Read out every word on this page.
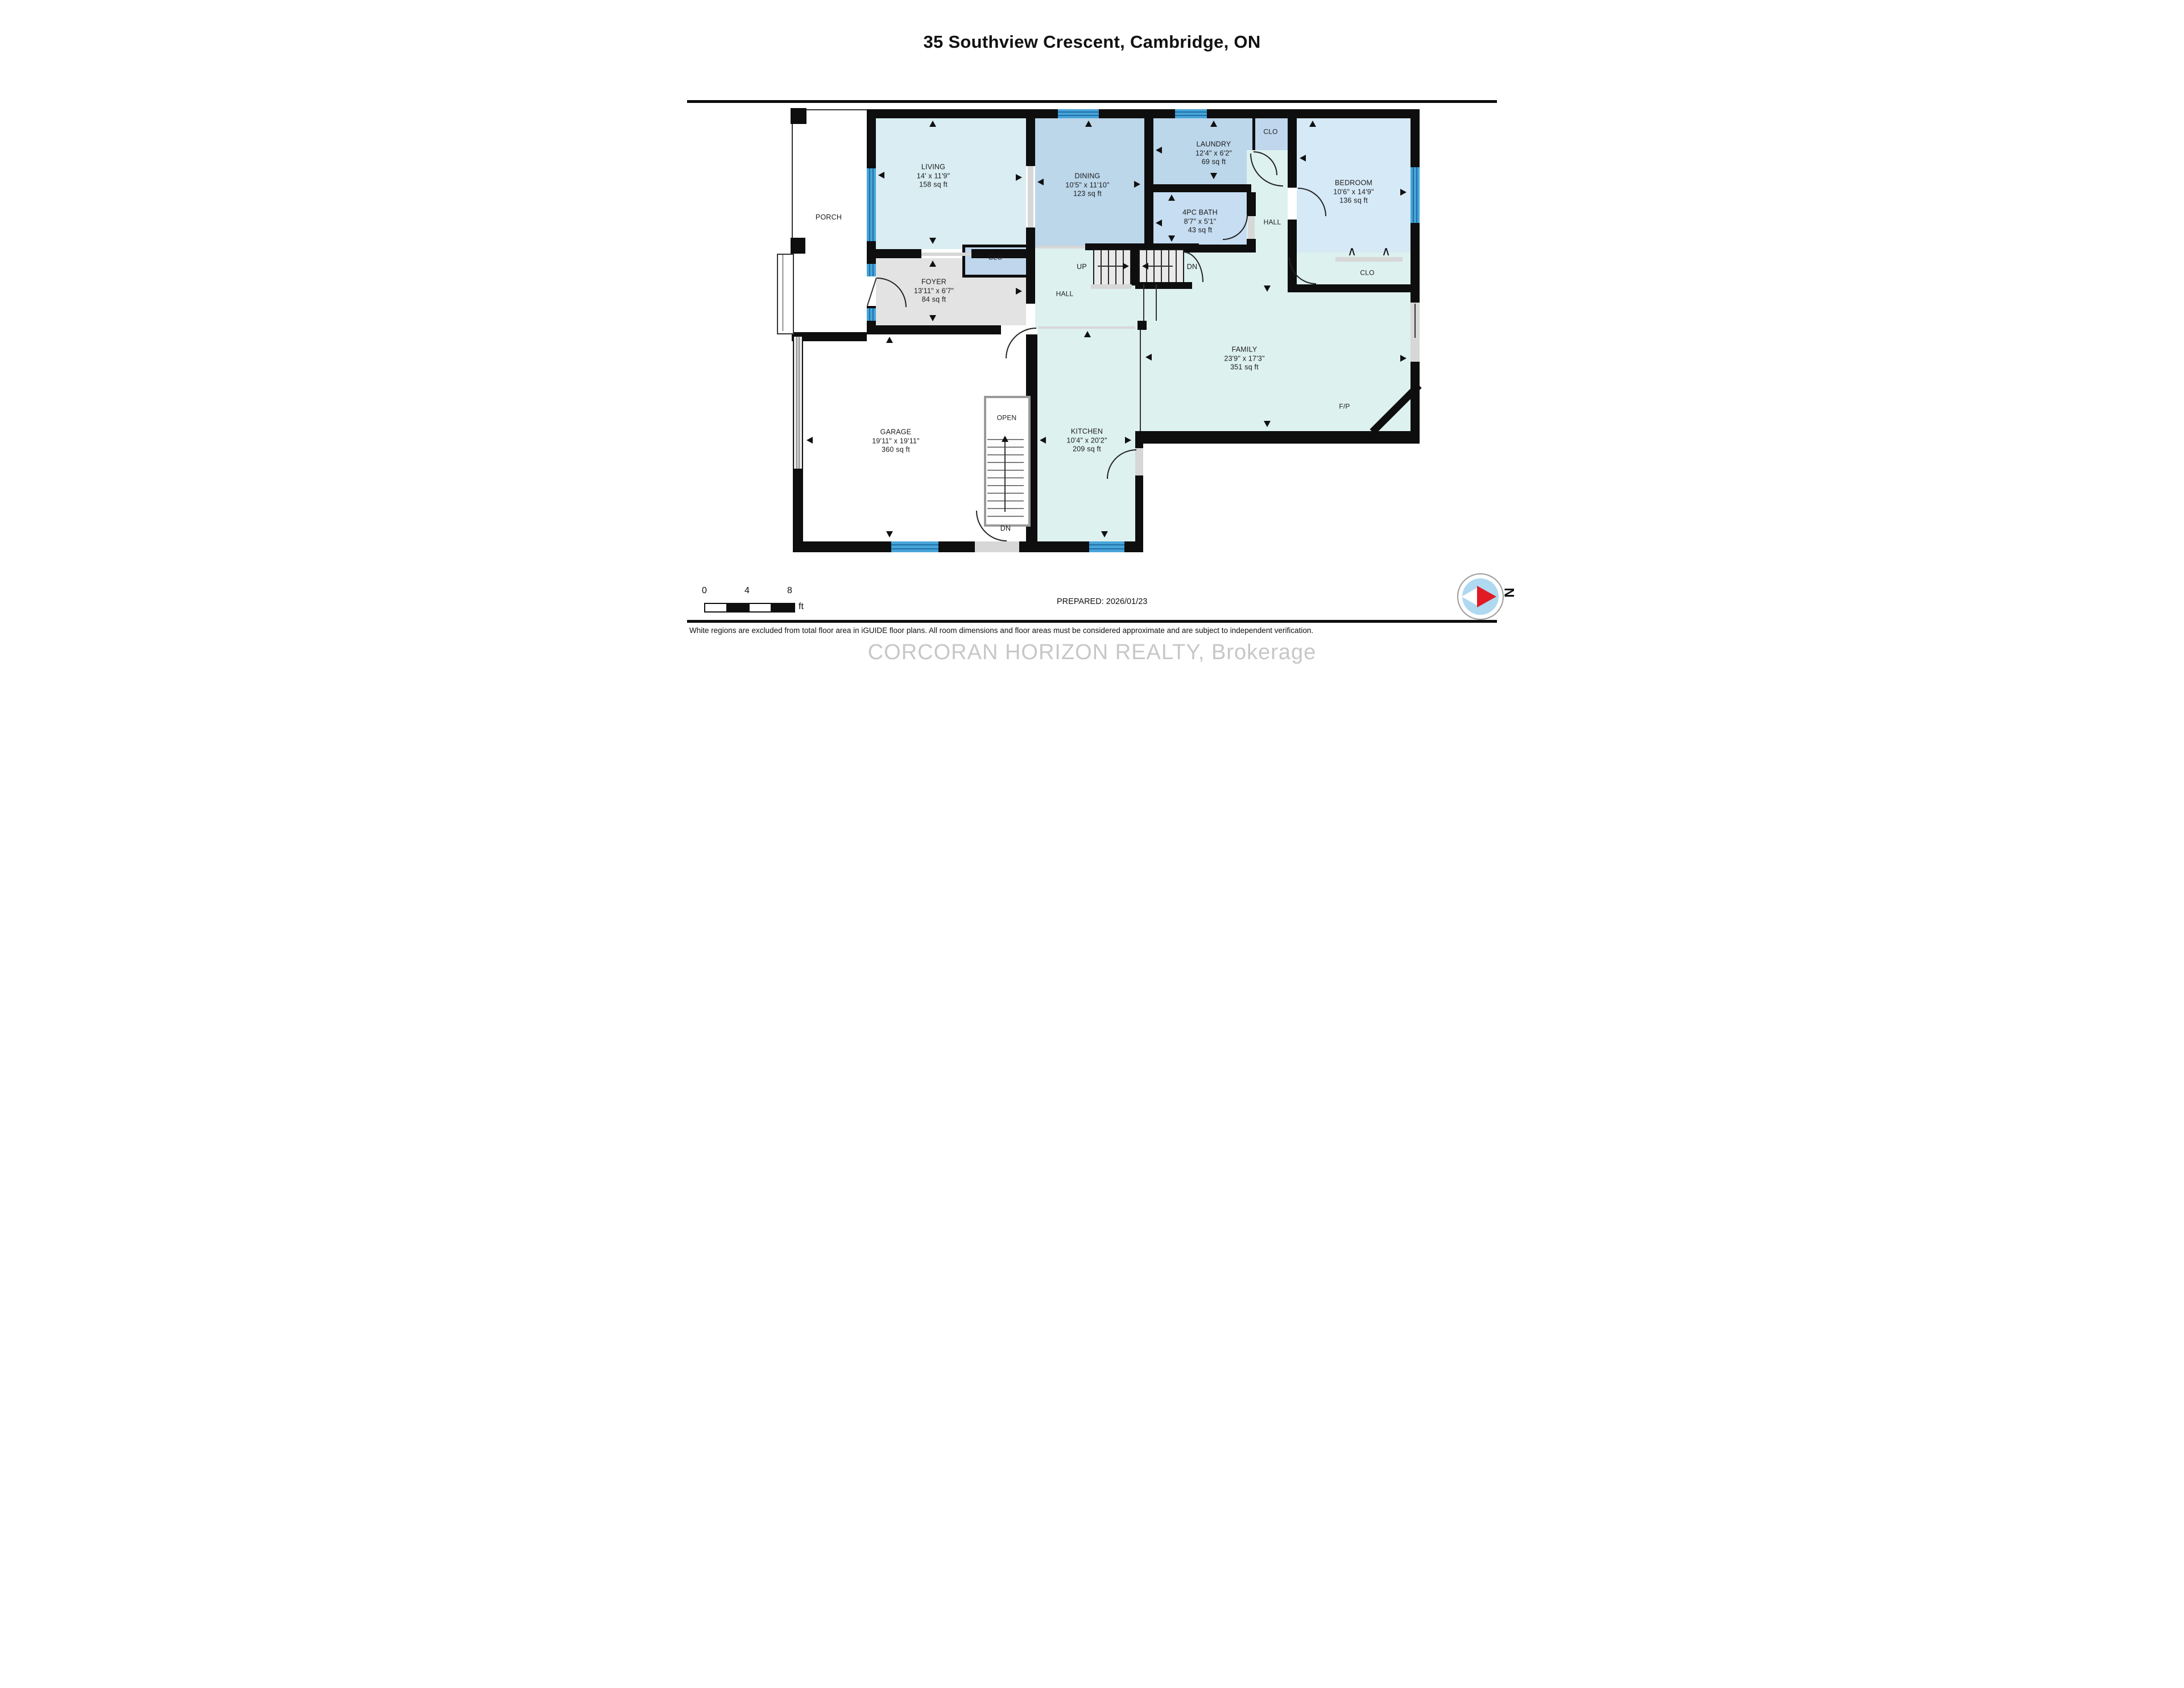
35 Southview Crescent, Cambridge, ON
∧ ∧
PORCH
LIVING
14' x 11'9"
158 sq ft
DINING
10'5" x 11'10"
123 sq ft
LAUNDRY
12'4" x 6'2"
69 sq ft
CLO
4PC BATH
8'7" x 5'1"
43 sq ft
HALL
BEDROOM
10'6" x 14'9"
136 sq ft
CLO
FOYER
13'11" x 6'7"
84 sq ft
CLO
UP	DN
HALL
FAMILY
23'9" x 17'3"
351 sq ft
F/P
KITCHEN
10'4" x 20'2"
209 sq ft
GARAGE
19'11" x 19'11"
360 sq ft
OPEN
DN
0	4	8
ft	PREPARED: 2026/01/23
N
White regions are excluded from total floor area in iGUIDE floor plans. All room dimensions and floor areas must be considered approximate and are subject to independent verification.
CORCORAN HORIZON REALTY, Brokerage
